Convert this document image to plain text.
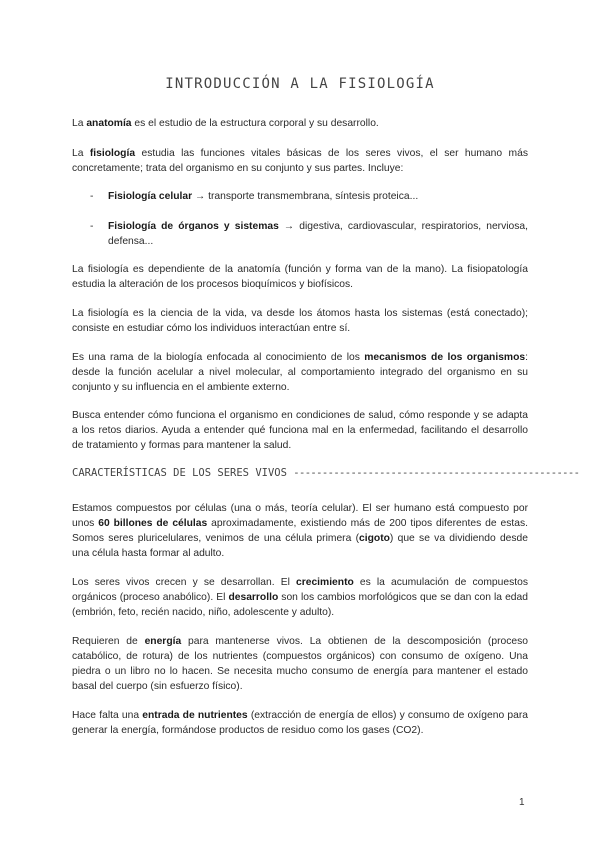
INTRODUCCIÓN A LA FISIOLOGÍA

La anatomía es el estudio de la estructura corporal y su desarrollo.

La fisiología estudia las funciones vitales básicas de los seres vivos, el ser humano más concretamente; trata del organismo en su conjunto y sus partes. Incluye:

- Fisiología celular → transporte transmembrana, síntesis proteica...

- Fisiología de órganos y sistemas → digestiva, cardiovascular, respiratorios, nerviosa, defensa...

La fisiología es dependiente de la anatomía (función y forma van de la mano). La fisiopatología estudia la alteración de los procesos bioquímicos y biofísicos.

La fisiología es la ciencia de la vida, va desde los átomos hasta los sistemas (está conectado); consiste en estudiar cómo los individuos interactúan entre sí.

Es una rama de la biología enfocada al conocimiento de los mecanismos de los organismos: desde la función acelular a nivel molecular, al comportamiento integrado del organismo en su conjunto y su influencia en el ambiente externo.

Busca entender cómo funciona el organismo en condiciones de salud, cómo responde y se adapta a los retos diarios. Ayuda a entender qué funciona mal en la enfermedad, facilitando el desarrollo de tratamiento y formas para mantener la salud.

CARACTERÍSTICAS DE LOS SERES VIVOS --------------------------------------------------

Estamos compuestos por células (una o más, teoría celular). El ser humano está compuesto por unos 60 billones de células aproximadamente, existiendo más de 200 tipos diferentes de estas. Somos seres pluricelulares, venimos de una célula primera (cigoto) que se va dividiendo desde una célula hasta formar al adulto.

Los seres vivos crecen y se desarrollan. El crecimiento es la acumulación de compuestos orgánicos (proceso anabólico). El desarrollo son los cambios morfológicos que se dan con la edad (embrión, feto, recién nacido, niño, adolescente y adulto).

Requieren de energía para mantenerse vivos. La obtienen de la descomposición (proceso catabólico, de rotura) de los nutrientes (compuestos orgánicos) con consumo de oxígeno. Una piedra o un libro no lo hacen. Se necesita mucho consumo de energía para mantener el estado basal del cuerpo (sin esfuerzo físico).

Hace falta una entrada de nutrientes (extracción de energía de ellos) y consumo de oxígeno para generar la energía, formándose productos de residuo como los gases (CO2).

1
